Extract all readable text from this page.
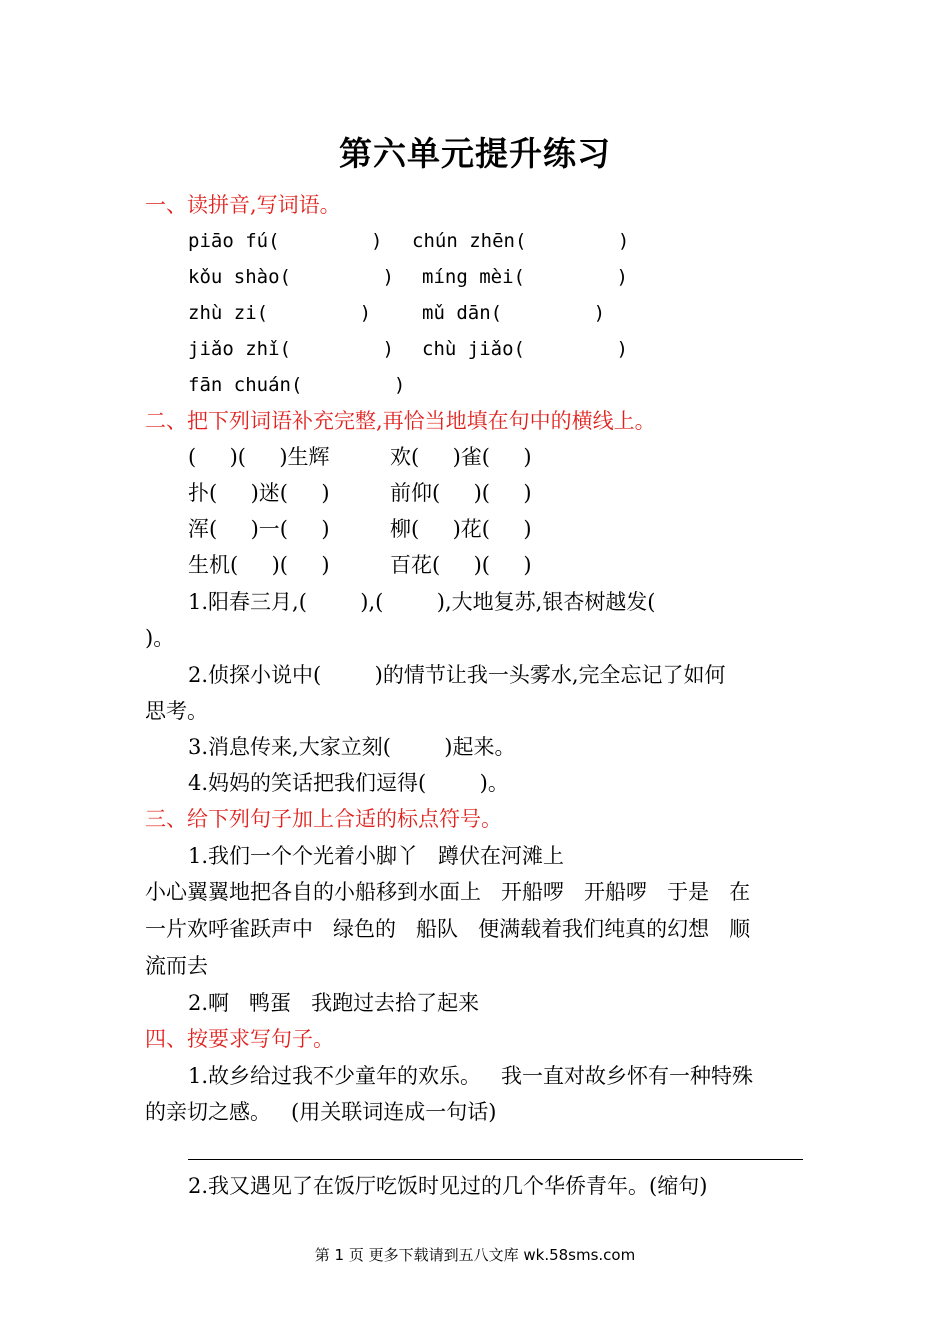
第六单元提升练习
一、读拼音,写词语。
piāo fú(        ) chún zhēn(        )
kǒu shào(        ) míng mèi(        )
zhù zi(        )	mǔ dān(        )
jiǎo zhǐ(        ) chù jiǎo(        )
fān chuán(        )
二、把下列词语补充完整,再恰当地填在句中的横线上。
(     )(     )生辉	欢(     )雀(     )
扑(     )迷(     )	前仰(     )(     )
浑(     )一(     )	柳(     )花(     )
生机(     )(     )	百花(     )(     )
1.阳春三月,(        ),(        ),大地复苏,银杏树越发(
)。
2.侦探小说中(        )的情节让我一头雾水,完全忘记了如何
思考。
3.消息传来,大家立刻(        )起来。
4.妈妈的笑话把我们逗得(        )。
三、给下列句子加上合适的标点符号。
1.我们一个个光着小脚丫   蹲伏在河滩上
小心翼翼地把各自的小船移到水面上   开船啰   开船啰   于是   在
一片欢呼雀跃声中   绿色的   船队   便满载着我们纯真的幻想   顺
流而去
2.啊   鸭蛋   我跑过去拾了起来
四、按要求写句子。
1.故乡给过我不少童年的欢乐。   我一直对故乡怀有一种特殊
的亲切之感。   (用关联词连成一句话)
2.我又遇见了在饭厅吃饭时见过的几个华侨青年。(缩句)
第 1 页 更多下载请到五八文库 wk.58sms.com
